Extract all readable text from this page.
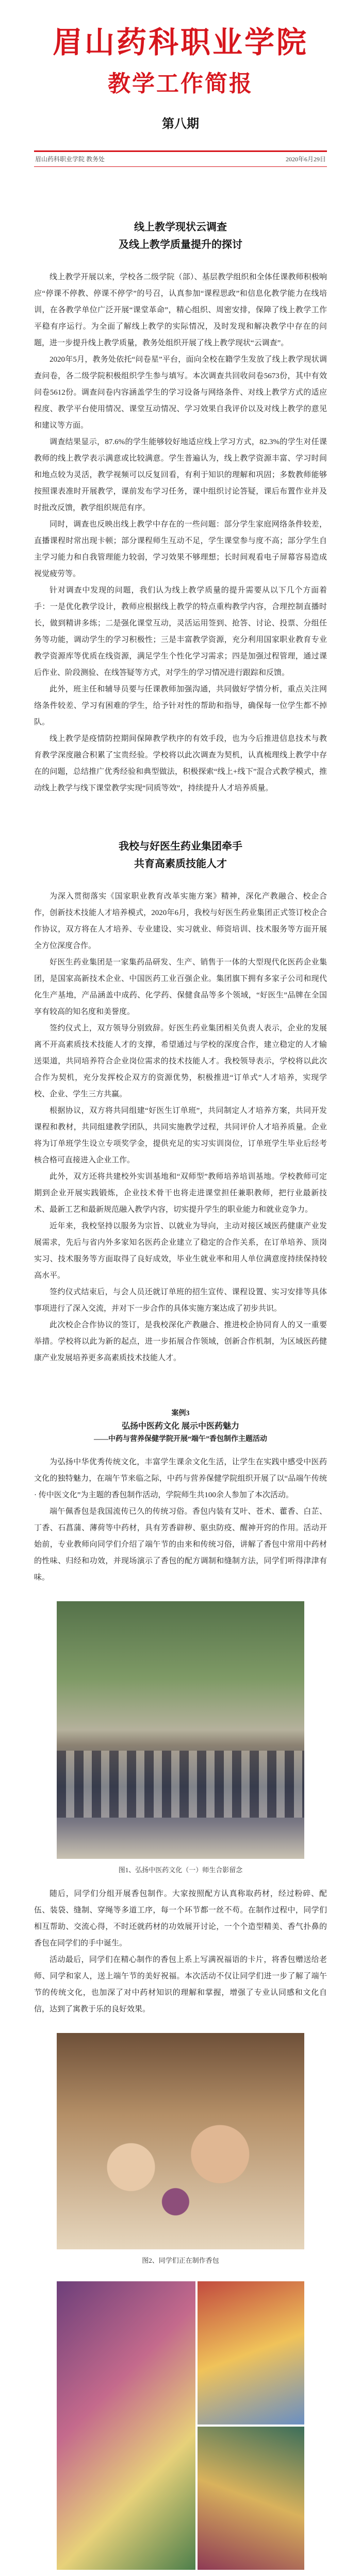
眉山药科职业学院
教学工作简报
第八期
眉山药科职业学院 教务处	2020年6月29日
线上教学现状云调查
及线上教学质量提升的探讨

线上教学开展以来，学校各二级学院（部）、基层教学组织和全体任课教师积极响应“停课不停教、停课不停学”的号召，认真参加“课程思政”和信息化教学能力在线培训，在各教学单位广泛开展“课堂革命”，精心组织、周密安排，保障了线上教学工作平稳有序运行。为全面了解线上教学的实际情况，及时发现和解决教学中存在的问题，进一步提升线上教学质量，教务处组织开展了线上教学现状“云调查”。

2020年5月，教务处依托“问卷星”平台，面向全校在籍学生发放了线上教学现状调查问卷，各二级学院积极组织学生参与填写。本次调查共回收问卷5673份，其中有效问卷5612份。调查问卷内容涵盖学生的学习设备与网络条件、对线上教学方式的适应程度、教学平台使用情况、课堂互动情况、学习效果自我评价以及对线上教学的意见和建议等方面。

调查结果显示，87.6%的学生能够较好地适应线上学习方式，82.3%的学生对任课教师的线上教学表示满意或比较满意。学生普遍认为，线上教学资源丰富、学习时间和地点较为灵活，教学视频可以反复回看，有利于知识的理解和巩固；多数教师能够按照课表准时开展教学，课前发布学习任务，课中组织讨论答疑，课后布置作业并及时批改反馈，教学组织规范有序。

同时，调查也反映出线上教学中存在的一些问题：部分学生家庭网络条件较差，直播课程时常出现卡顿；部分课程师生互动不足，学生课堂参与度不高；部分学生自主学习能力和自我管理能力较弱，学习效果不够理想；长时间观看电子屏幕容易造成视觉疲劳等。

针对调查中发现的问题，我们认为线上教学质量的提升需要从以下几个方面着手：一是优化教学设计，教师应根据线上教学的特点重构教学内容，合理控制直播时长，做到精讲多练；二是强化课堂互动，灵活运用签到、抢答、讨论、投票、分组任务等功能，调动学生的学习积极性；三是丰富教学资源，充分利用国家职业教育专业教学资源库等优质在线资源，满足学生个性化学习需求；四是加强过程管理，通过课后作业、阶段测验、在线答疑等方式，对学生的学习情况进行跟踪和反馈。

此外，班主任和辅导员要与任课教师加强沟通，共同做好学情分析，重点关注网络条件较差、学习有困难的学生，给予针对性的帮助和指导，确保每一位学生都不掉队。

线上教学是疫情防控期间保障教学秩序的有效手段，也为今后推进信息技术与教育教学深度融合积累了宝贵经验。学校将以此次调查为契机，认真梳理线上教学中存在的问题，总结推广优秀经验和典型做法，积极探索“线上+线下”混合式教学模式，推动线上教学与线下课堂教学实现“同质等效”，持续提升人才培养质量。

我校与好医生药业集团牵手
共育高素质技能人才

为深入贯彻落实《国家职业教育改革实施方案》精神，深化产教融合、校企合作，创新技术技能人才培养模式，2020年6月，我校与好医生药业集团正式签订校企合作协议，双方将在人才培养、专业建设、实习就业、师资培训、技术服务等方面开展全方位深度合作。

好医生药业集团是一家集药品研发、生产、销售于一体的大型现代化医药企业集团，是国家高新技术企业、中国医药工业百强企业。集团旗下拥有多家子公司和现代化生产基地，产品涵盖中成药、化学药、保健食品等多个领域，“好医生”品牌在全国享有较高的知名度和美誉度。

签约仪式上，双方领导分别致辞。好医生药业集团相关负责人表示，企业的发展离不开高素质技术技能人才的支撑，希望通过与学校的深度合作，建立稳定的人才输送渠道，共同培养符合企业岗位需求的技术技能人才。我校领导表示，学校将以此次合作为契机，充分发挥校企双方的资源优势，积极推进“订单式”人才培养，实现学校、企业、学生三方共赢。

根据协议，双方将共同组建“好医生订单班”，共同制定人才培养方案，共同开发课程和教材，共同组建教学团队，共同实施教学过程，共同评价人才培养质量。企业将为订单班学生设立专项奖学金，提供充足的实习实训岗位，订单班学生毕业后经考核合格可直接进入企业工作。

此外，双方还将共建校外实训基地和“双师型”教师培养培训基地。学校教师可定期到企业开展实践锻炼，企业技术骨干也将走进课堂担任兼职教师，把行业最新技术、最新工艺和最新规范融入教学内容，切实提升学生的职业能力和就业竞争力。

近年来，我校坚持以服务为宗旨、以就业为导向，主动对接区域医药健康产业发展需求，先后与省内外多家知名医药企业建立了稳定的合作关系，在订单培养、顶岗实习、技术服务等方面取得了良好成效，毕业生就业率和用人单位满意度持续保持较高水平。

签约仪式结束后，与会人员还就订单班的招生宣传、课程设置、实习安排等具体事项进行了深入交流，并对下一步合作的具体实施方案达成了初步共识。

此次校企合作协议的签订，是我校深化产教融合、推进校企协同育人的又一重要举措。学校将以此为新的起点，进一步拓展合作领域，创新合作机制，为区域医药健康产业发展培养更多高素质技术技能人才。

案例3
弘扬中医药文化 展示中医药魅力
——中药与营养保健学院开展“端午”香包制作主题活动

为弘扬中华优秀传统文化，丰富学生课余文化生活，让学生在实践中感受中医药文化的独特魅力，在端午节来临之际，中药与营养保健学院组织开展了以“品端午传统 · 传中医文化”为主题的香包制作活动，学院师生共100余人参加了本次活动。

端午佩香包是我国流传已久的传统习俗。香包内装有艾叶、苍术、藿香、白芷、丁香、石菖蒲、薄荷等中药材，具有芳香辟秽、驱虫防疫、醒神开窍的作用。活动开始前，专业教师向同学们介绍了端午节的由来和传统习俗，讲解了香包中常用中药材的性味、归经和功效，并现场演示了香包的配方调制和缝制方法，同学们听得津津有味。

图1、弘扬中医药文化（一）师生合影留念

随后，同学们分组开展香包制作。大家按照配方认真称取药材，经过粉碎、配伍、装袋、缝制、穿绳等多道工序，每一个环节都一丝不苟。在制作过程中，同学们相互帮助、交流心得，不时还就药材的功效展开讨论，一个个造型精美、香气扑鼻的香包在同学们的手中诞生。

活动最后，同学们在精心制作的香包上系上写满祝福语的卡片，将香包赠送给老师、同学和家人，送上端午节的美好祝福。本次活动不仅让同学们进一步了解了端午节的传统文化，也加深了对中药材知识的理解和掌握，增强了专业认同感和文化自信，达到了寓教于乐的良好效果。

图2、同学们正在制作香包
